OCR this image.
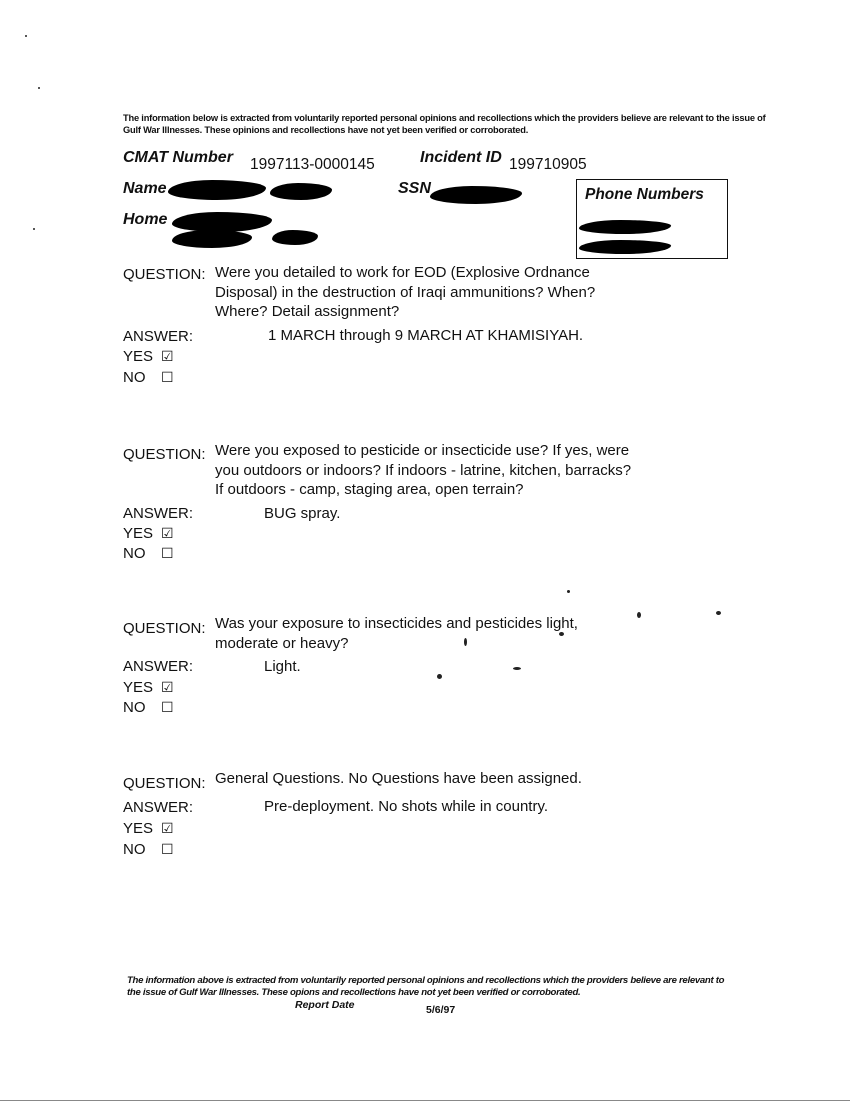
The information below is extracted from voluntarily reported personal opinions and recollections which the providers believe are relevant to the issue of Gulf War Illnesses. These opinions and recollections have not yet been verified or corroborated.
CMAT Number 1997113-0000145	Incident ID 199710905
Name	SSN
Home
Phone Numbers
QUESTION: Were you detailed to work for EOD (Explosive Ordnance Disposal) in the destruction of Iraqi ammunitions? When? Where? Detail assignment?
ANSWER:	1 MARCH through 9 MARCH AT KHAMISIYAH.
YES ☑
NO ☐
QUESTION: Were you exposed to pesticide or insecticide use? If yes, were you outdoors or indoors? If indoors - latrine, kitchen, barracks? If outdoors - camp, staging area, open terrain?
ANSWER:	BUG spray.
YES ☑
NO ☐
QUESTION: Was your exposure to insecticides and pesticides light, moderate or heavy?
ANSWER:	Light.
YES ☑
NO ☐
QUESTION: General Questions. No Questions have been assigned.
ANSWER:	Pre-deployment. No shots while in country.
YES ☑
NO ☐
The information above is extracted from voluntarily reported personal opinions and recollections which the providers believe are relevant to the issue of Gulf War Illnesses. These opions and recollections have not yet been verified or corroborated.
Report Date	5/6/97
